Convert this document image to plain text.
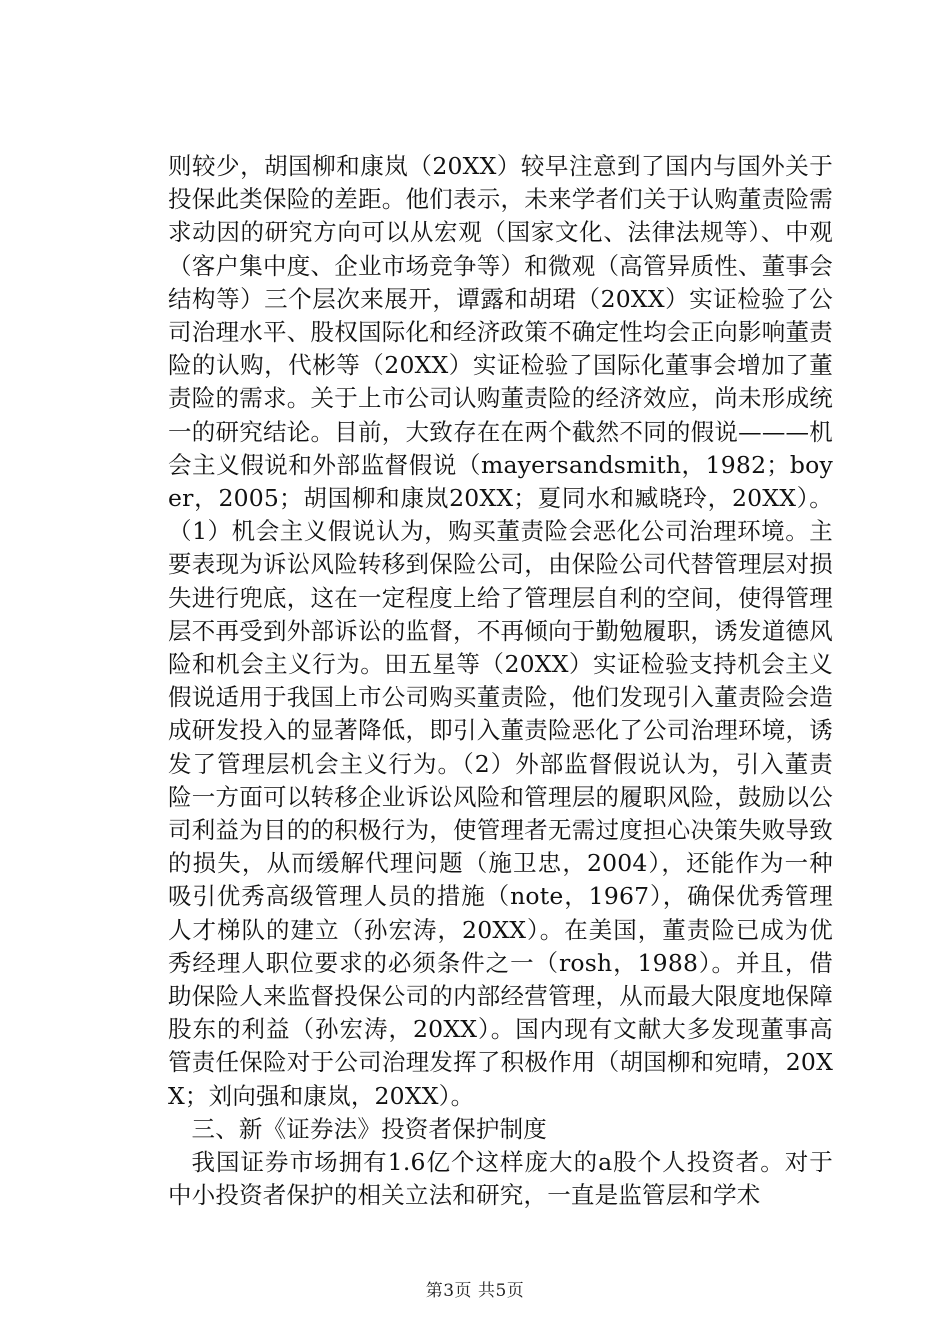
则较少，胡国柳和康岚（20XX）较早注意到了国内与国外关于投保此类保险的差距。他们表示，未来学者们关于认购董责险需求动因的研究方向可以从宏观（国家文化、法律法规等）、中观（客户集中度、企业市场竞争等）和微观（高管异质性、董事会结构等）三个层次来展开，谭露和胡珺（20XX）实证检验了公司治理水平、股权国际化和经济政策不确定性均会正向影响董责险的认购，代彬等（20XX）实证检验了国际化董事会增加了董责险的需求。关于上市公司认购董责险的经济效应，尚未形成统一的研究结论。目前，大致存在在两个截然不同的假说———机会主义假说和外部监督假说（mayersandsmith，1982；boyer，2005；胡国柳和康岚20XX；夏同水和臧晓玲，20XX）。（1）机会主义假说认为，购买董责险会恶化公司治理环境。主要表现为诉讼风险转移到保险公司，由保险公司代替管理层对损失进行兜底，这在一定程度上给了管理层自利的空间，使得管理层不再受到外部诉讼的监督，不再倾向于勤勉履职，诱发道德风险和机会主义行为。田五星等（20XX）实证检验支持机会主义假说适用于我国上市公司购买董责险，他们发现引入董责险会造成研发投入的显著降低，即引入董责险恶化了公司治理环境，诱发了管理层机会主义行为。（2）外部监督假说认为，引入董责险一方面可以转移企业诉讼风险和管理层的履职风险，鼓励以公司利益为目的的积极行为，使管理者无需过度担心决策失败导致的损失，从而缓解代理问题（施卫忠，2004），还能作为一种吸引优秀高级管理人员的措施（note，1967），确保优秀管理人才梯队的建立（孙宏涛，20XX）。在美国，董责险已成为优秀经理人职位要求的必须条件之一（rosh，1988）。并且，借助保险人来监督投保公司的内部经营管理，从而最大限度地保障股东的利益（孙宏涛，20XX）。国内现有文献大多发现董事高管责任保险对于公司治理发挥了积极作用（胡国柳和宛晴，20XX；刘向强和康岚，20XX）。

三、新《证券法》投资者保护制度

我国证券市场拥有1.6亿个这样庞大的a股个人投资者。对于中小投资者保护的相关立法和研究，一直是监管层和学术

第3页 共5页
